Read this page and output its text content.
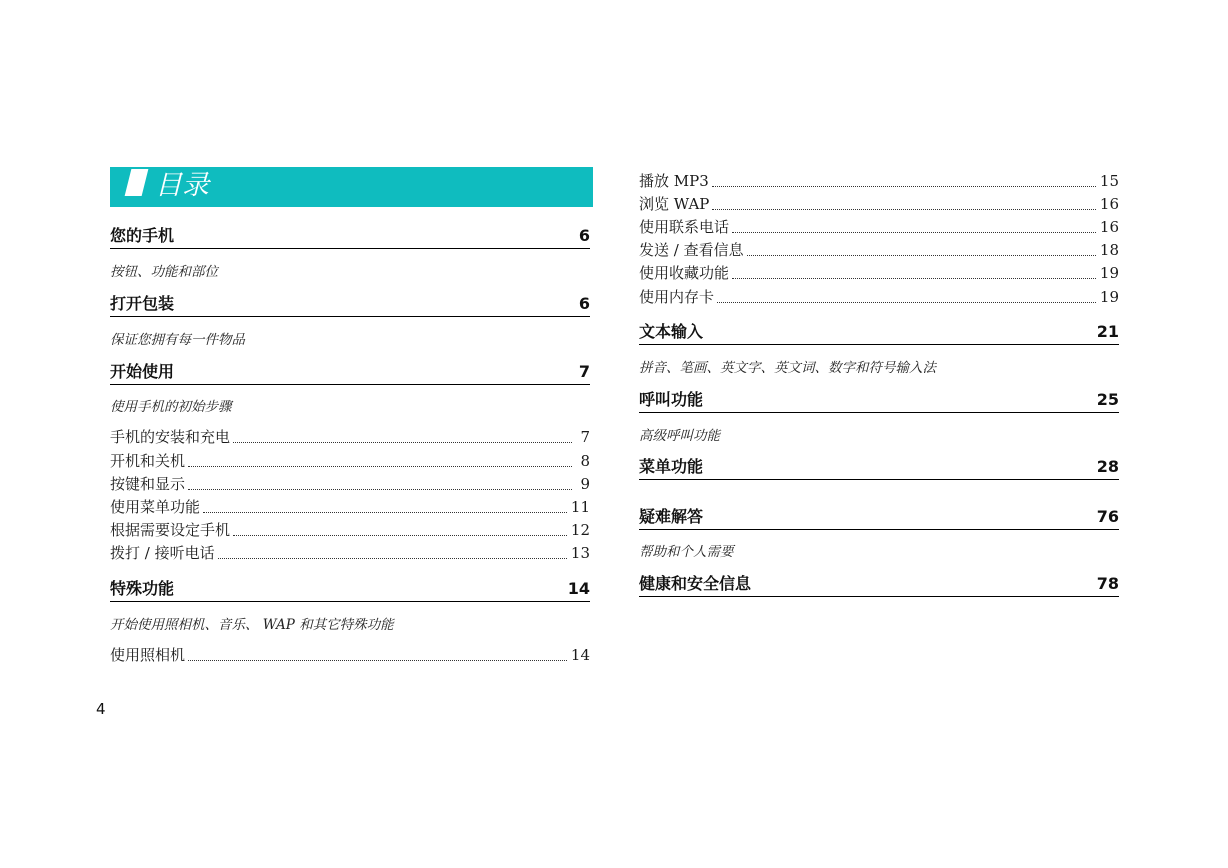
目录
您的手机	6
按钮、功能和部位
打开包装	6
保证您拥有每一件物品
开始使用	7
使用手机的初始步骤
手机的安装和充电	7
开机和关机	8
按键和显示	9
使用菜单功能	11
根据需要设定手机	12
拨打 / 接听电话	13
特殊功能	14
开始使用照相机、音乐、 WAP 和其它特殊功能
使用照相机	14
播放 MP3	15
浏览 WAP	16
使用联系电话	16
发送 / 查看信息	18
使用收藏功能	19
使用内存卡	19
文本输入	21
拼音、笔画、英文字、英文词、数字和符号输入法
呼叫功能	25
高级呼叫功能
菜单功能	28
疑难解答	76
帮助和个人需要
健康和安全信息	78
4
